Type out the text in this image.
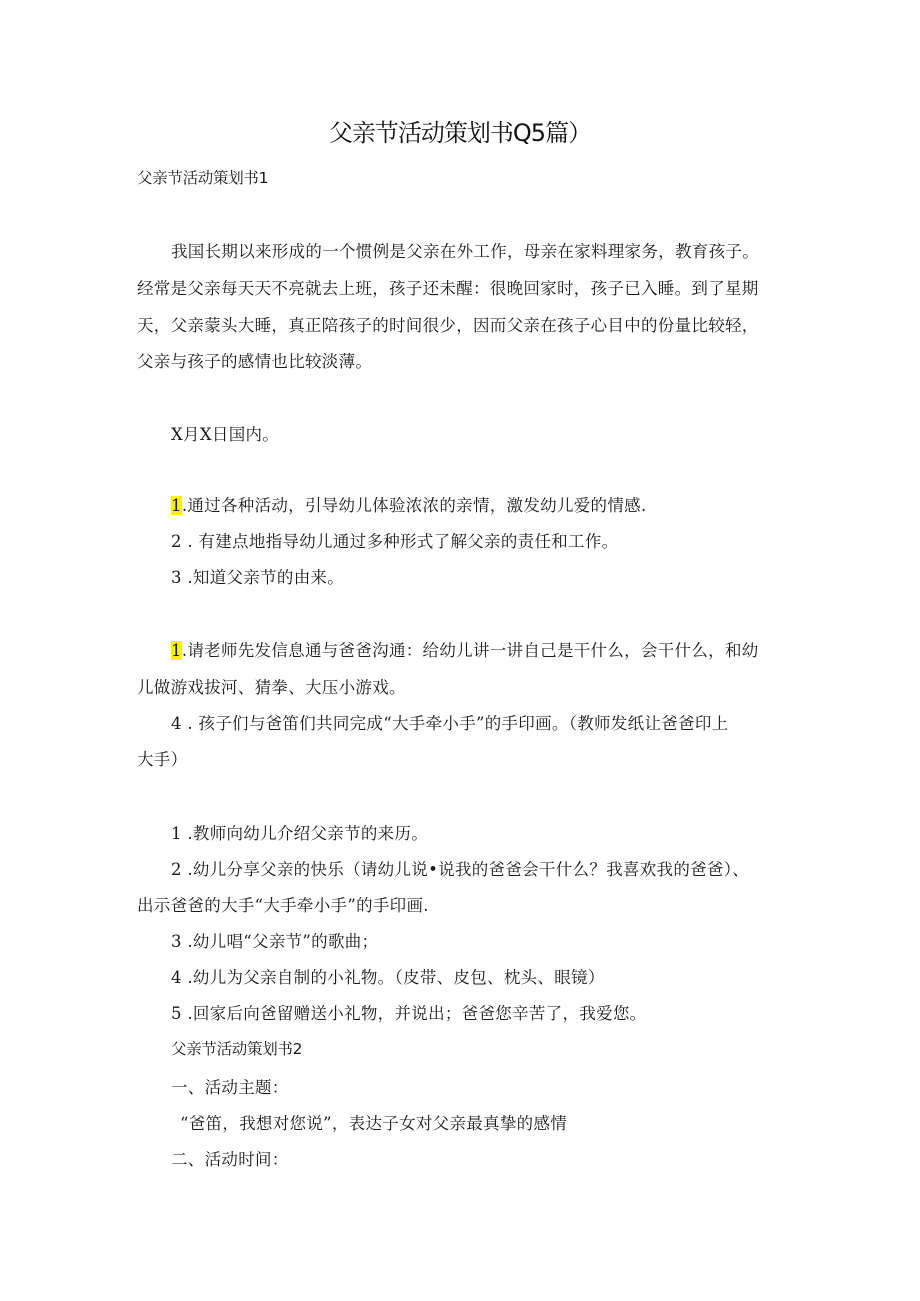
父亲节活动策划书Q5篇）
父亲节活动策划书1
我国长期以来形成的一个惯例是父亲在外工作，母亲在家料理家务，教育孩子。
经常是父亲每天天不亮就去上班，孩子还未醒：很晚回家时，孩子已入睡。到了星期
天，父亲蒙头大睡，真正陪孩子的时间很少，因而父亲在孩子心目中的份量比较轻，
父亲与孩子的感情也比较淡薄。
X月X日国内。
1.通过各种活动，引导幼儿体验浓浓的亲情，激发幼儿爱的情感.
2 . 有建点地指导幼儿通过多种形式了解父亲的责任和工作。
3 .知道父亲节的由来。
1.请老师先发信息通与爸爸沟通：给幼儿讲一讲自己是干什么，会干什么，和幼
儿做游戏拔河、猜拳、大压小游戏。
4 . 孩子们与爸笛们共同完成“大手牵小手”的手印画。（教师发纸让爸爸印上
大手）
1 .教师向幼儿介绍父亲节的来历。
2 .幼儿分享父亲的快乐（请幼儿说•说我的爸爸会干什么？我喜欢我的爸爸）、
出示爸爸的大手“大手牵小手”的手印画.
3 .幼儿唱“父亲节”的歌曲；
4 .幼儿为父亲自制的小礼物。（皮带、皮包、枕头、眼镜）
5 .回家后向爸留赠送小礼物，并说出；爸爸您辛苦了，我爱您。
父亲节活动策划书2
一、活动主题：
“爸笛，我想对您说”，表达子女对父亲最真挚的感情
二、活动时间：
